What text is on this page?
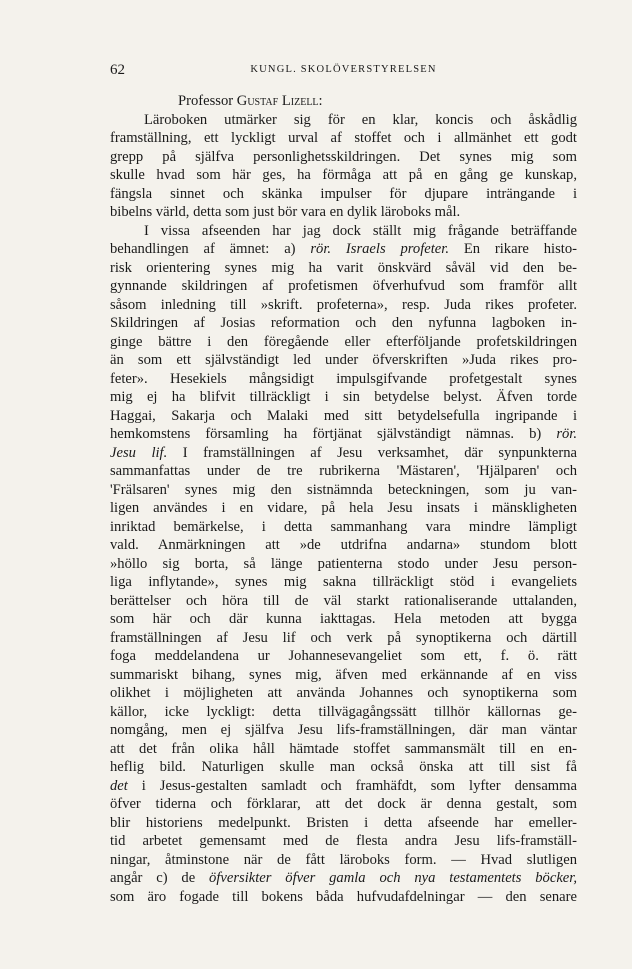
62	KUNGL. SKOLÖVERSTYRELSEN
Professor Gustaf Lizell:
Läroboken utmärker sig för en klar, koncis och åskådlig
framställning, ett lyckligt urval af stoffet och i allmänhet ett godt
grepp på själfva personlighetsskildringen. Det synes mig som
skulle hvad som här ges, ha förmåga att på en gång ge kunskap,
fängsla sinnet och skänka impulser för djupare inträngande i
bibelns värld, detta som just bör vara en dylik läroboks mål.
I vissa afseenden har jag dock ställt mig frågande beträffande
behandlingen af ämnet: a) rör. Israels profeter. En rikare histo-
risk orientering synes mig ha varit önskvärd såväl vid den be-
gynnande skildringen af profetismen öfverhufvud som framför allt
såsom inledning till »skrift. profeterna», resp. Juda rikes profeter.
Skildringen af Josias reformation och den nyfunna lagboken in-
ginge bättre i den föregående eller efterföljande profetskildringen
än som ett självständigt led under öfverskriften »Juda rikes pro-
feter». Hesekiels mångsidigt impulsgifvande profetgestalt synes
mig ej ha blifvit tillräckligt i sin betydelse belyst. Äfven torde
Haggai, Sakarja och Malaki med sitt betydelsefulla ingripande i
hemkomstens församling ha förtjänat självständigt nämnas. b) rör.
Jesu lif. I framställningen af Jesu verksamhet, där synpunkterna
sammanfattas under de tre rubrikerna 'Mästaren', 'Hjälparen' och
'Frälsaren' synes mig den sistnämnda beteckningen, som ju van-
ligen användes i en vidare, på hela Jesu insats i mänskligheten
inriktad bemärkelse, i detta sammanhang vara mindre lämpligt
vald. Anmärkningen att »de utdrifna andarna» stundom blott
»höllo sig borta, så länge patienterna stodo under Jesu person-
liga inflytande», synes mig sakna tillräckligt stöd i evangeliets
berättelser och höra till de väl starkt rationaliserande uttalanden,
som här och där kunna iakttagas. Hela metoden att bygga
framställningen af Jesu lif och verk på synoptikerna och därtill
foga meddelandena ur Johannesevangeliet som ett, f. ö. rätt
summariskt bihang, synes mig, äfven med erkännande af en viss
olikhet i möjligheten att använda Johannes och synoptikerna som
källor, icke lyckligt: detta tillvägagångssätt tillhör källornas ge-
nomgång, men ej själfva Jesu lifs-framställningen, där man väntar
att det från olika håll hämtade stoffet sammansmält till en en-
heflig bild. Naturligen skulle man också önska att till sist få
det i Jesus-gestalten samladt och framhäfdt, som lyfter densamma
öfver tiderna och förklarar, att det dock är denna gestalt, som
blir historiens medelpunkt. Bristen i detta afseende har emeller-
tid arbetet gemensamt med de flesta andra Jesu lifs-framställ-
ningar, åtminstone när de fått läroboks form. — Hvad slutligen
angår c) de öfversikter öfver gamla och nya testamentets böcker,
som äro fogade till bokens båda hufvudafdelningar — den senare
